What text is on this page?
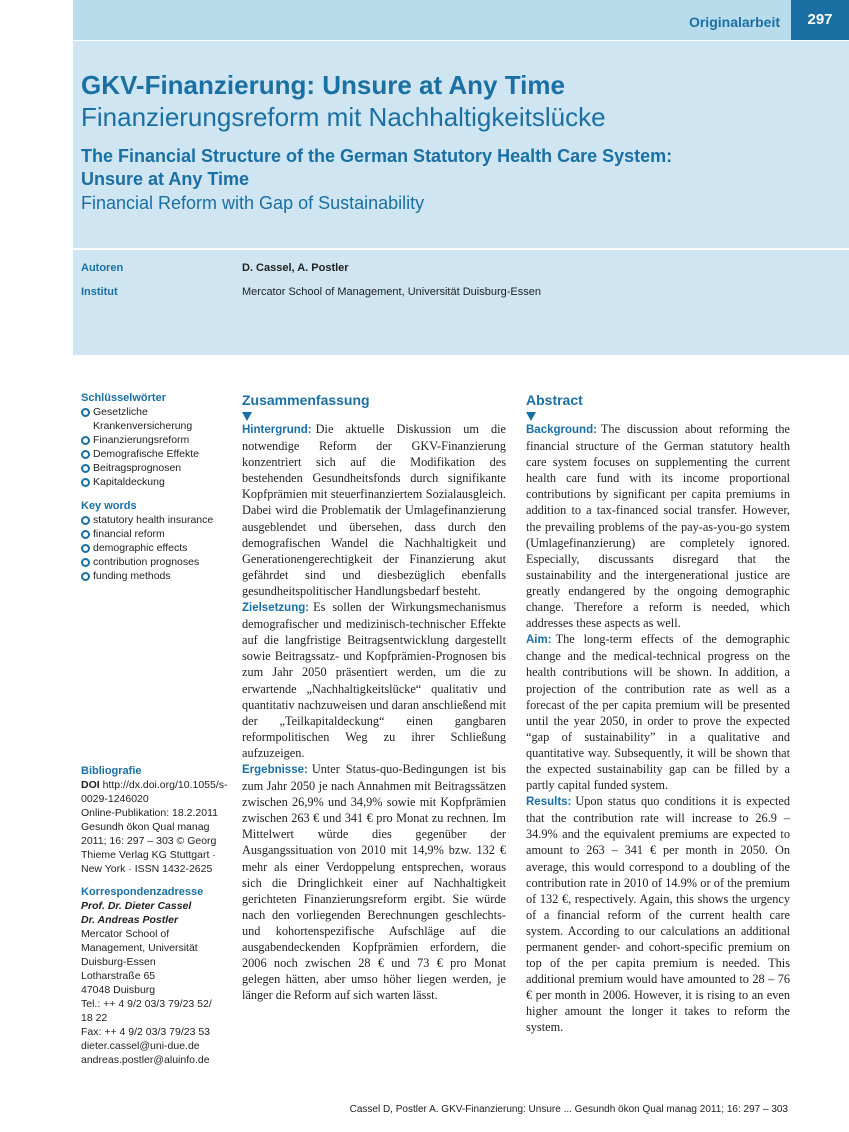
Originalarbeit	297
GKV-Finanzierung: Unsure at Any Time
Finanzierungsreform mit Nachhaltigkeitslücke
The Financial Structure of the German Statutory Health Care System:
Unsure at Any Time
Financial Reform with Gap of Sustainability
Autoren	D. Cassel, A. Postler
Institut	Mercator School of Management, Universität Duisburg-Essen
Schlüsselwörter
Gesetzliche Krankenversicherung
Finanzierungsreform
Demografische Effekte
Beitragsprognosen
Kapitaldeckung
Key words
statutory health insurance
financial reform
demographic effects
contribution prognoses
funding methods
Bibliografie

DOI http://dx.doi.org/10.1055/s-0029-1246020

Online-Publikation: 18.2.2011

Gesundh ökon Qual manag 2011; 16: 297 – 303 © Georg Thieme Verlag KG Stuttgart · New York · ISSN 1432-2625

Korrespondenzadresse

Prof. Dr. Dieter Cassel

Dr. Andreas Postler

Mercator School of

Management, Universität

Duisburg-Essen

Lotharstraße 65

47048 Duisburg

Tel.: ++ 4 9/2 03/3 79/23 52/

18 22

Fax: ++ 4 9/2 03/3 79/23 53

dieter.cassel@uni-due.de

andreas.postler@aluinfo.de

Zusammenfassung

Hintergrund: Die aktuelle Diskussion um die notwendige Reform der GKV-Finanzierung konzentriert sich auf die Modifikation des bestehenden Gesundheitsfonds durch signifikante Kopfprämien mit steuerfinanziertem Sozialausgleich. Dabei wird die Problematik der Umlagefinanzierung ausgeblendet und übersehen, dass durch den demografischen Wandel die Nachhaltigkeit und Generationengerechtigkeit der Finanzierung akut gefährdet sind und diesbezüglich ebenfalls gesundheitspolitischer Handlungsbedarf besteht.

Zielsetzung: Es sollen der Wirkungsmechanismus demografischer und medizinisch-technischer Effekte auf die langfristige Beitragsentwicklung dargestellt sowie Beitragssatz- und Kopfprämien-Prognosen bis zum Jahr 2050 präsentiert werden, um die zu erwartende „Nachhaltigkeitslücke“ qualitativ und quantitativ nachzuweisen und daran anschließend mit der „Teilkapitaldeckung“ einen gangbaren reformpolitischen Weg zu ihrer Schließung aufzuzeigen.

Ergebnisse: Unter Status-quo-Bedingungen ist bis zum Jahr 2050 je nach Annahmen mit Beitragssätzen zwischen 26,9% und 34,9% sowie mit Kopfprämien zwischen 263 € und 341 € pro Monat zu rechnen. Im Mittelwert würde dies gegenüber der Ausgangssituation von 2010 mit 14,9% bzw. 132 € mehr als einer Verdoppelung entsprechen, woraus sich die Dringlichkeit einer auf Nachhaltigkeit gerichteten Finanzierungsreform ergibt. Sie würde nach den vorliegenden Berechnungen geschlechts- und kohortenspezifische Aufschläge auf die ausgabendeckenden Kopfprämien erfordern, die 2006 noch zwischen 28 € und 73 € pro Monat gelegen hätten, aber umso höher liegen werden, je länger die Reform auf sich warten lässt.

Abstract

Background: The discussion about reforming the financial structure of the German statutory health care system focuses on supplementing the current health care fund with its income proportional contributions by significant per capita premiums in addition to a tax-financed social transfer. However, the prevailing problems of the pay-as-you-go system (Umlagefinanzierung) are completely ignored. Especially, discussants disregard that the sustainability and the intergenerational justice are greatly endangered by the ongoing demographic change. Therefore a reform is needed, which addresses these aspects as well.

Aim: The long-term effects of the demographic change and the medical-technical progress on the health contributions will be shown. In addition, a projection of the contribution rate as well as a forecast of the per capita premium will be presented until the year 2050, in order to prove the expected “gap of sustainability” in a qualitative and quantitative way. Subsequently, it will be shown that the expected sustainability gap can be filled by a partly capital funded system.

Results: Upon status quo conditions it is expected that the contribution rate will increase to 26.9 – 34.9% and the equivalent premiums are expected to amount to 263 – 341 € per month in 2050. On average, this would correspond to a doubling of the contribution rate in 2010 of 14.9% or of the premium of 132 €, respectively. Again, this shows the urgency of a financial reform of the current health care system. According to our calculations an additional permanent gender- and cohort-specific premium on top of the per capita premium is needed. This additional premium would have amounted to 28 – 76 € per month in 2006. However, it is rising to an even higher amount the longer it takes to reform the system.

Cassel D, Postler A. GKV-Finanzierung: Unsure ... Gesundh ökon Qual manag 2011; 16: 297 – 303
